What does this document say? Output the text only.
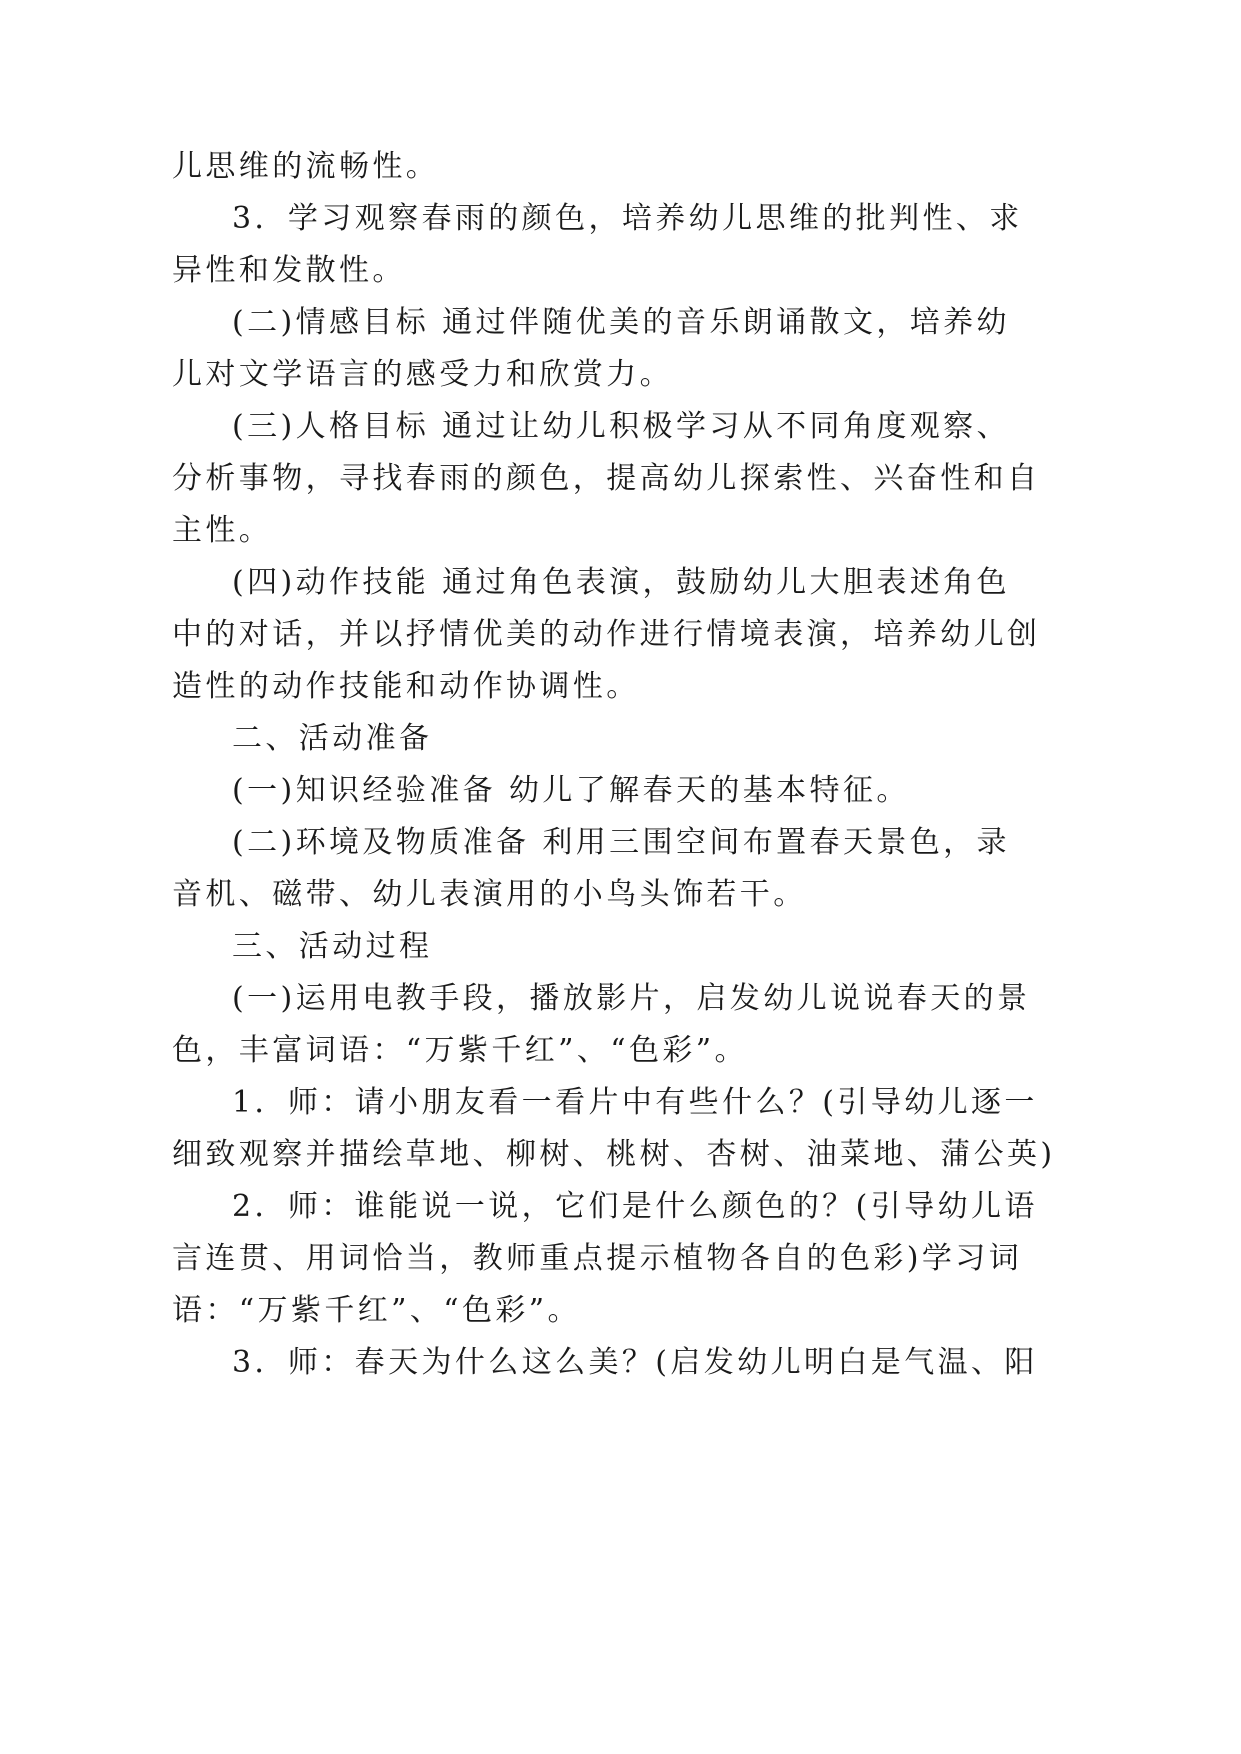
儿思维的流畅性。
3．学习观察春雨的颜色，培养幼儿思维的批判性、求
异性和发散性。
(二)情感目标 通过伴随优美的音乐朗诵散文，培养幼
儿对文学语言的感受力和欣赏力。
(三)人格目标 通过让幼儿积极学习从不同角度观察、
分析事物，寻找春雨的颜色，提高幼儿探索性、兴奋性和自
主性。
(四)动作技能 通过角色表演，鼓励幼儿大胆表述角色
中的对话，并以抒情优美的动作进行情境表演，培养幼儿创
造性的动作技能和动作协调性。
二、活动准备
(一)知识经验准备 幼儿了解春天的基本特征。
(二)环境及物质准备 利用三围空间布置春天景色，录
音机、磁带、幼儿表演用的小鸟头饰若干。
三、活动过程
(一)运用电教手段，播放影片，启发幼儿说说春天的景
色，丰富词语：“万紫千红”、“色彩”。
1．师：请小朋友看一看片中有些什么？(引导幼儿逐一
细致观察并描绘草地、柳树、桃树、杏树、油菜地、蒲公英)
2．师：谁能说一说，它们是什么颜色的？(引导幼儿语
言连贯、用词恰当，教师重点提示植物各自的色彩)学习词
语：“万紫千红”、“色彩”。
3．师：春天为什么这么美？(启发幼儿明白是气温、阳
